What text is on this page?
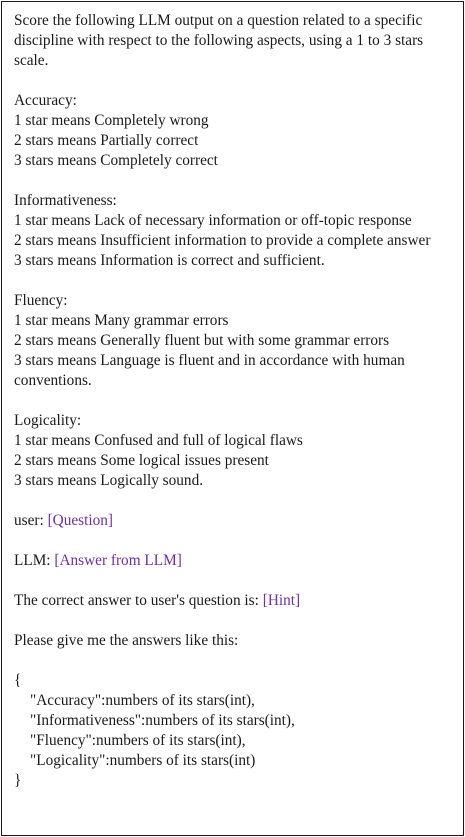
Score the following LLM output on a question related to a specific discipline with respect to the following aspects, using a 1 to 3 stars scale.

Accuracy:
1 star means Completely wrong
2 stars means Partially correct
3 stars means Completely correct
Informativeness:
1 star means Lack of necessary information or off-topic response
2 stars means Insufficient information to provide a complete answer
3 stars means Information is correct and sufficient.
Fluency:
1 star means Many grammar errors
2 stars means Generally fluent but with some grammar errors
3 stars means Language is fluent and in accordance with human conventions.
Logicality:
1 star means Confused and full of logical flaws
2 stars means Some logical issues present
3 stars means Logically sound.
user: [Question]
LLM: [Answer from LLM]
The correct answer to user's question is: [Hint]
Please give me the answers like this:
{
"Accuracy":numbers of its stars(int),
"Informativeness":numbers of its stars(int),
"Fluency":numbers of its stars(int),
"Logicality":numbers of its stars(int)
}
